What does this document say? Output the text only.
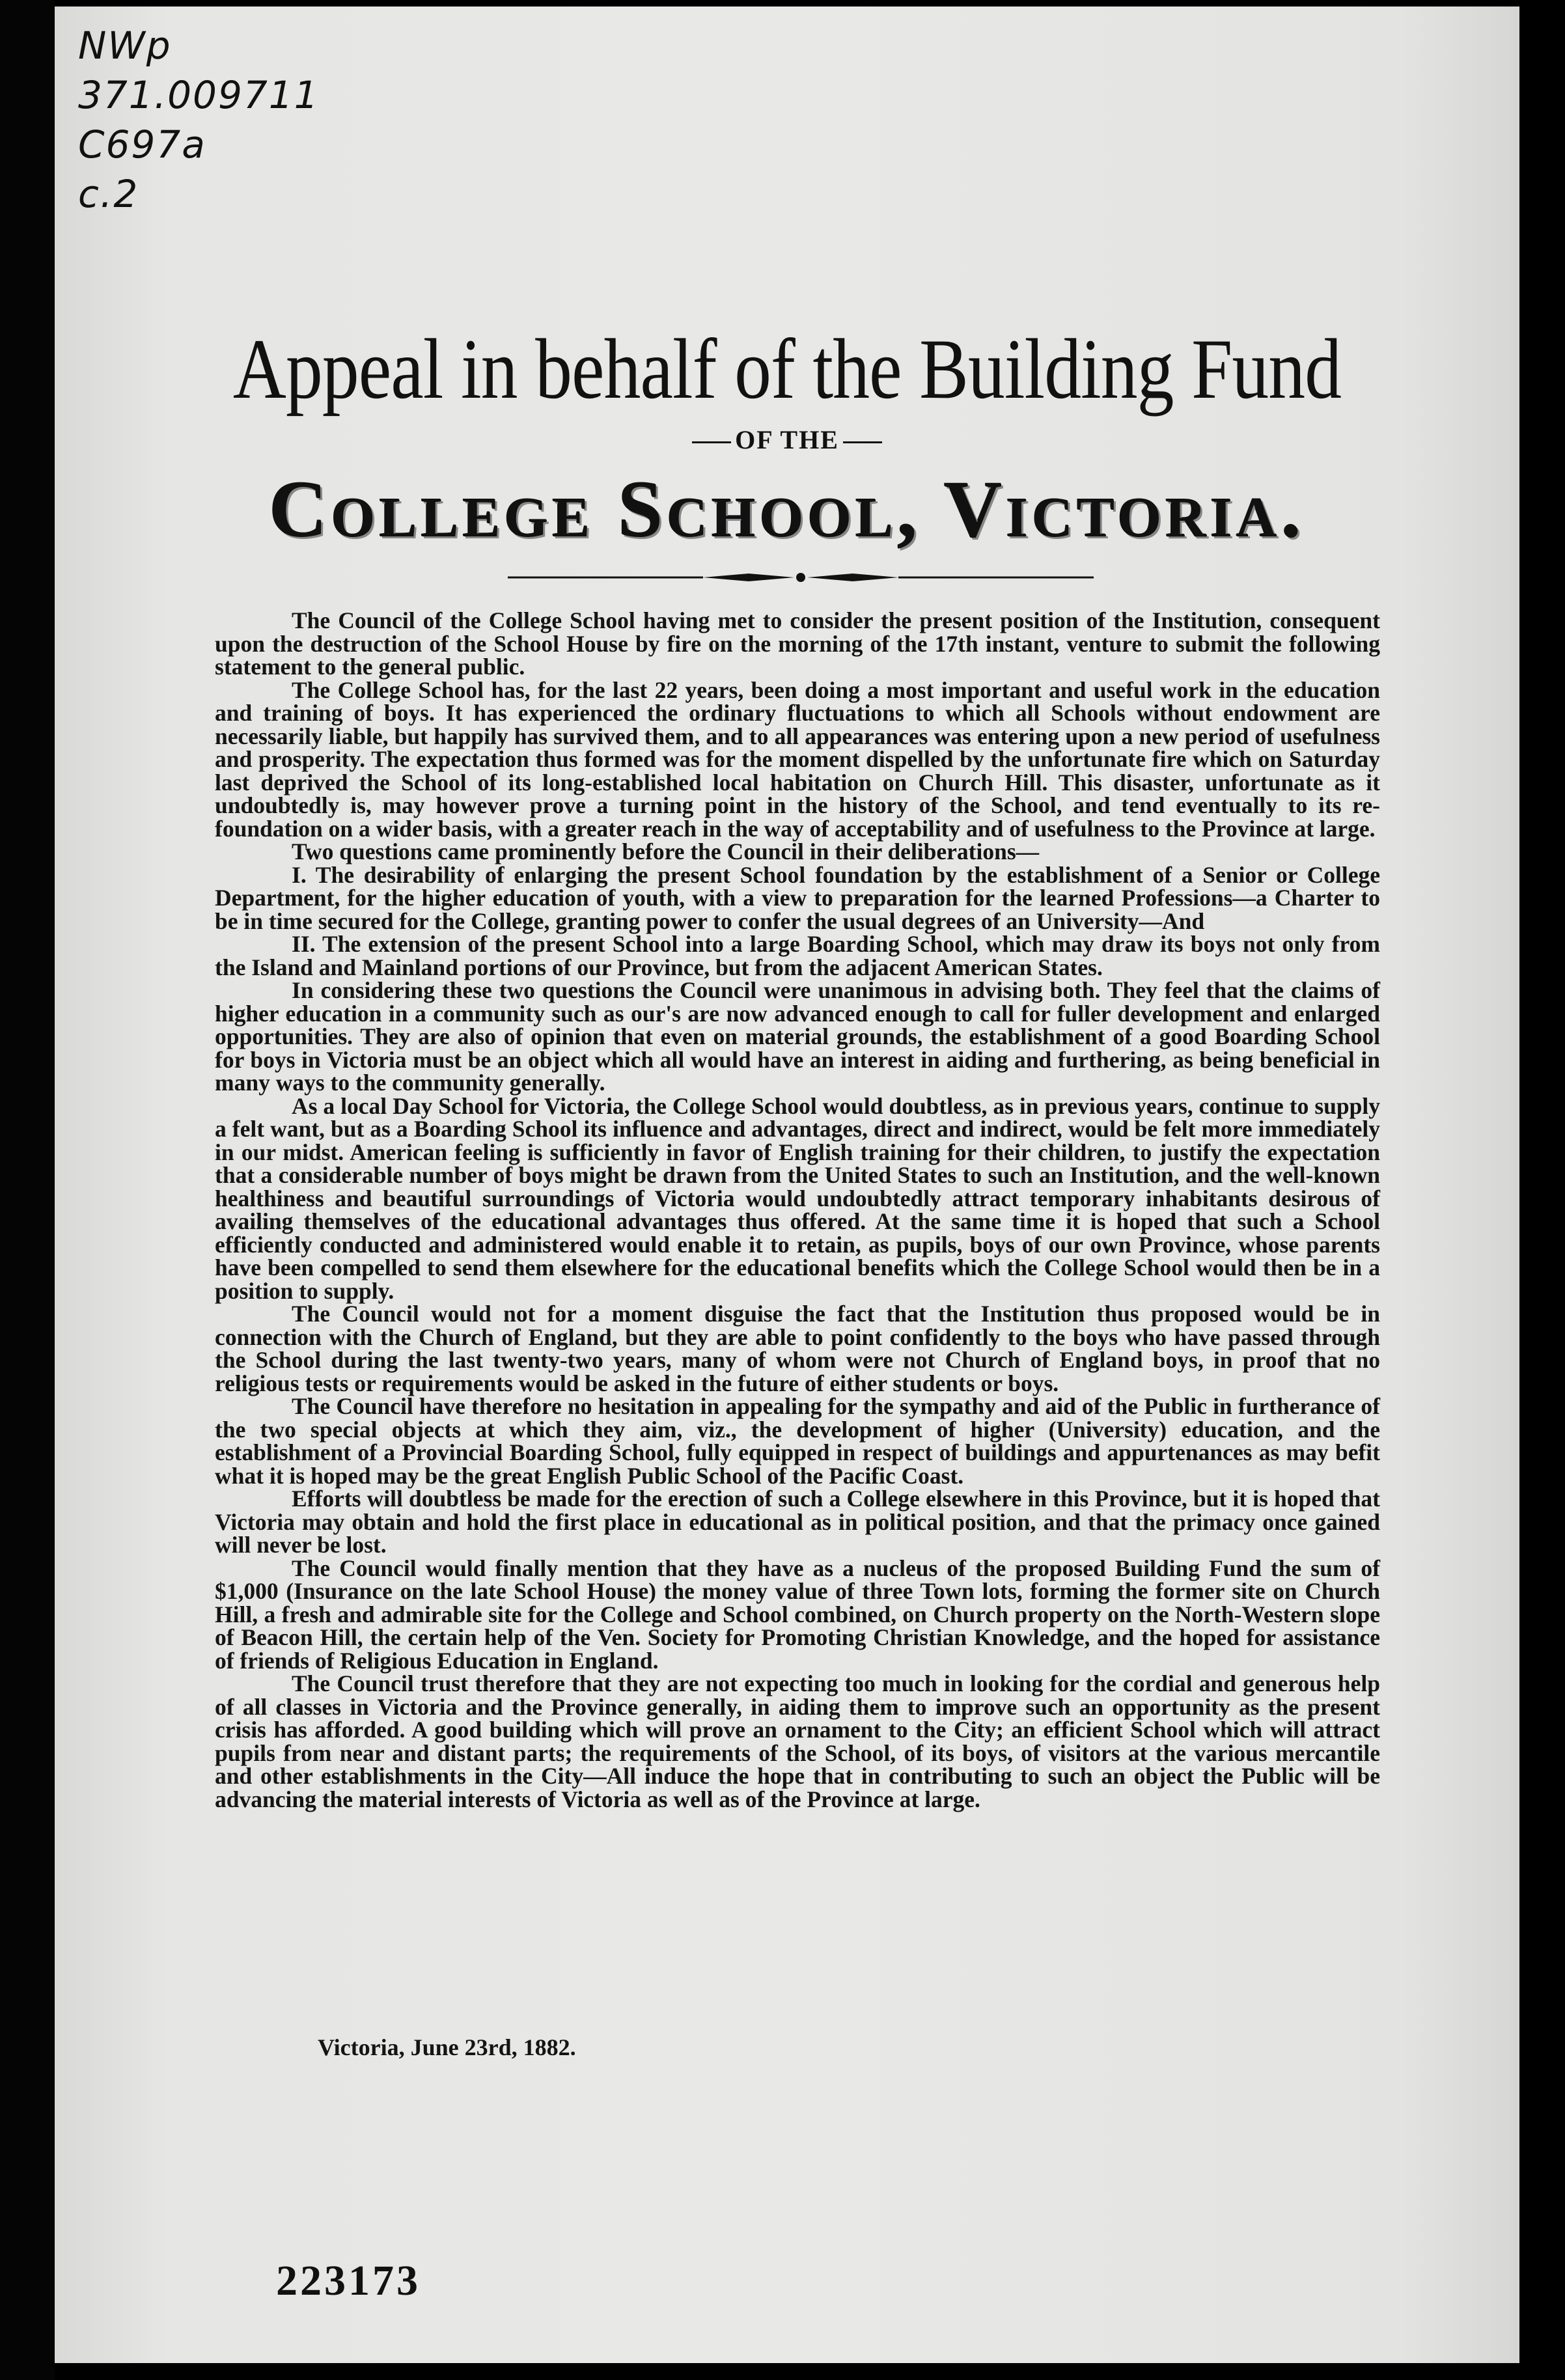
NWp
371.009711
C697a
c.2
Appeal in behalf of the Building Fund
OF THE
College School, Victoria.

The Council of the College School having met to consider the present position of the Institution, consequent upon the destruction of the School House by fire on the morning of the 17th instant, venture to submit the following statement to the general public.

The College School has, for the last 22 years, been doing a most important and useful work in the education and training of boys. It has experienced the ordinary fluctuations to which all Schools without endowment are necessarily liable, but happily has survived them, and to all appearances was entering upon a new period of usefulness and prosperity. The expectation thus formed was for the moment dispelled by the unfortunate fire which on Saturday last deprived the School of its long-established local habitation on Church Hill. This disaster, unfortunate as it undoubtedly is, may however prove a turning point in the history of the School, and tend eventually to its re-foundation on a wider basis, with a greater reach in the way of acceptability and of usefulness to the Province at large.

Two questions came prominently before the Council in their deliberations—

I. The desirability of enlarging the present School foundation by the establishment of a Senior or College Department, for the higher education of youth, with a view to preparation for the learned Professions—a Charter to be in time secured for the College, granting power to confer the usual degrees of an University—And

II. The extension of the present School into a large Boarding School, which may draw its boys not only from the Island and Mainland portions of our Province, but from the adjacent American States.

In considering these two questions the Council were unanimous in advising both. They feel that the claims of higher education in a community such as our's are now advanced enough to call for fuller development and enlarged opportunities. They are also of opinion that even on material grounds, the establishment of a good Boarding School for boys in Victoria must be an object which all would have an interest in aiding and furthering, as being beneficial in many ways to the community generally.

As a local Day School for Victoria, the College School would doubtless, as in previous years, continue to supply a felt want, but as a Boarding School its influence and advantages, direct and indirect, would be felt more immediately in our midst. American feeling is sufficiently in favor of English training for their children, to justify the expectation that a considerable number of boys might be drawn from the United States to such an Institution, and the well-known healthiness and beautiful surroundings of Victoria would undoubtedly attract temporary inhabitants desirous of availing themselves of the educational advantages thus offered. At the same time it is hoped that such a School efficiently conducted and administered would enable it to retain, as pupils, boys of our own Province, whose parents have been compelled to send them elsewhere for the educational benefits which the College School would then be in a position to supply.

The Council would not for a moment disguise the fact that the Institution thus proposed would be in connection with the Church of England, but they are able to point confidently to the boys who have passed through the School during the last twenty-two years, many of whom were not Church of England boys, in proof that no religious tests or requirements would be asked in the future of either students or boys.

The Council have therefore no hesitation in appealing for the sympathy and aid of the Public in furtherance of the two special objects at which they aim, viz., the development of higher (University) education, and the establishment of a Provincial Boarding School, fully equipped in respect of buildings and appurtenances as may befit what it is hoped may be the great English Public School of the Pacific Coast.

Efforts will doubtless be made for the erection of such a College elsewhere in this Province, but it is hoped that Victoria may obtain and hold the first place in educational as in political position, and that the primacy once gained will never be lost.

The Council would finally mention that they have as a nucleus of the proposed Building Fund the sum of $1,000 (Insurance on the late School House) the money value of three Town lots, forming the former site on Church Hill, a fresh and admirable site for the College and School combined, on Church property on the North-Western slope of Beacon Hill, the certain help of the Ven. Society for Promoting Christian Knowledge, and the hoped for assistance of friends of Religious Education in England.

The Council trust therefore that they are not expecting too much in looking for the cordial and generous help of all classes in Victoria and the Province generally, in aiding them to improve such an opportunity as the present crisis has afforded. A good building which will prove an ornament to the City; an efficient School which will attract pupils from near and distant parts; the requirements of the School, of its boys, of visitors at the various mercantile and other establishments in the City—All induce the hope that in contributing to such an object the Public will be advancing the material interests of Victoria as well as of the Province at large.

Victoria, June 23rd, 1882.
223173
